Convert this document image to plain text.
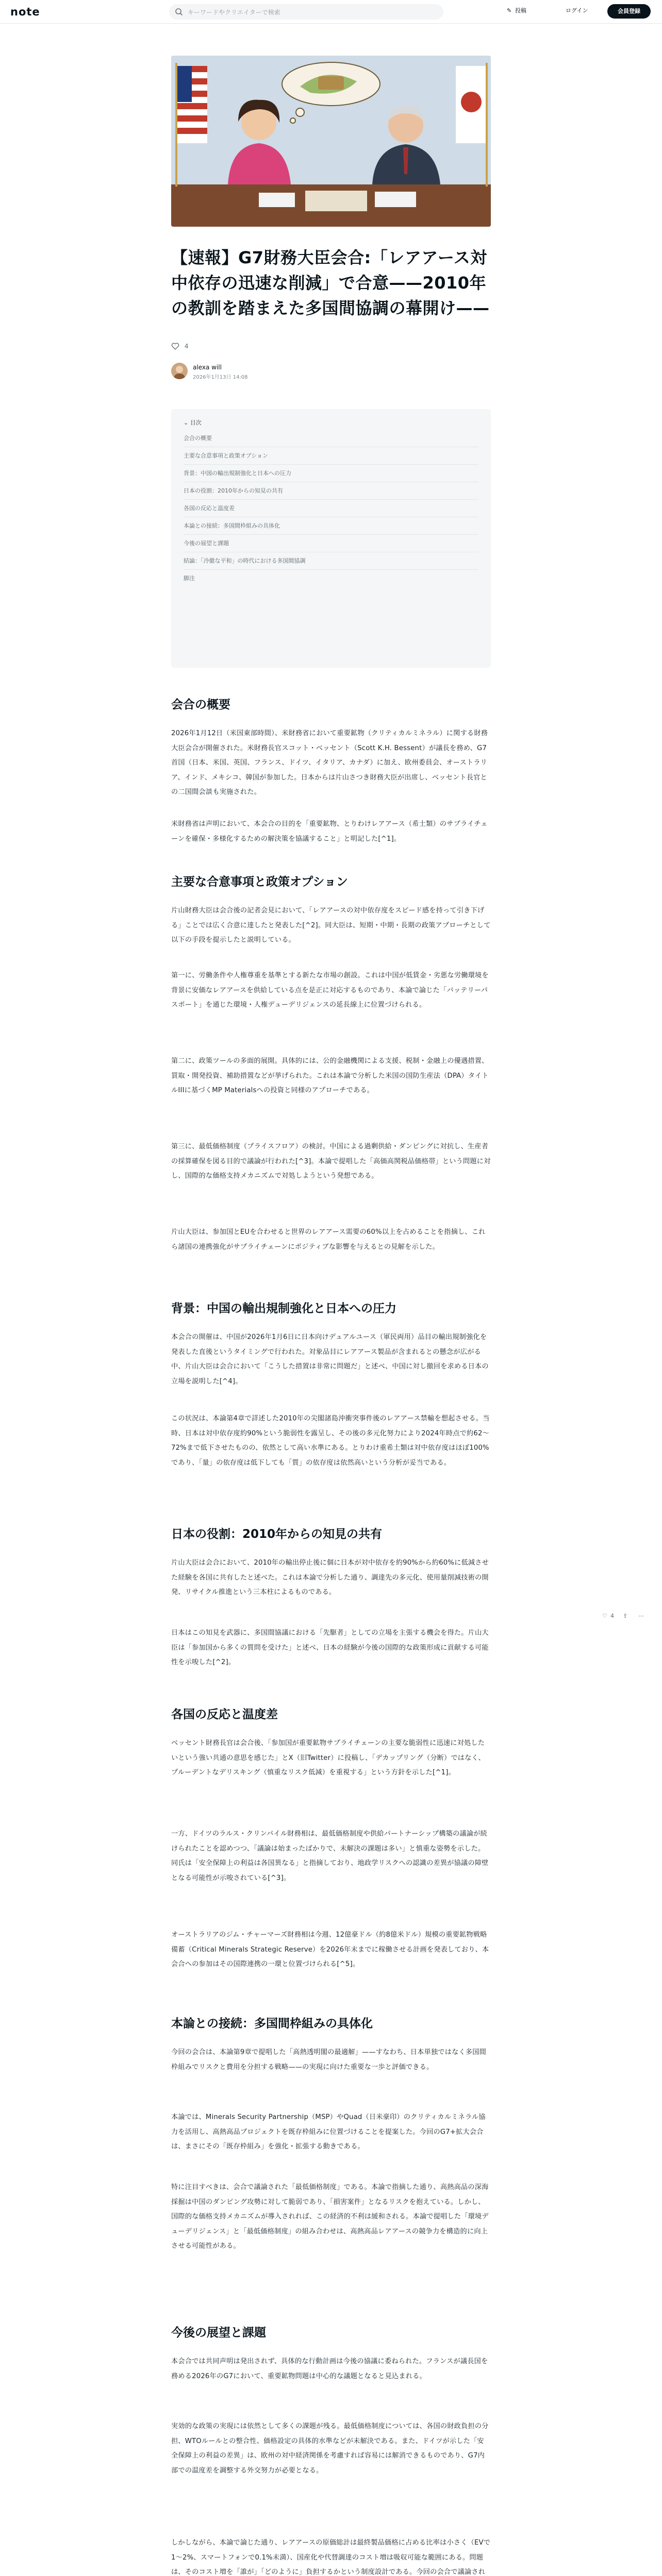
note	キーワードやクリエイターで検索	✎ 投稿	ログイン	会員登録
【速報】G7財務大臣会合:「レアアース対中依存の迅速な削減」で合意——2010年の教訓を踏まえた多国間協調の幕開け——
4
alexa will
2026年1月13日 14:08
⌄ 目次
会合の概要
主要な合意事項と政策オプション
背景：中国の輸出規制強化と日本への圧力
日本の役割：2010年からの知見の共有
各国の反応と温度差
本論との接続：多国間枠組みの具体化
今後の展望と課題
結論：「冷徹な平和」の時代における多国間協調
脚注
会合の概要

2026年1月12日（米国東部時間）、米財務省において重要鉱物（クリティカルミネラル）に関する財務大臣会合が開催された。米財務長官スコット・ベッセント（Scott K.H. Bessent）が議長を務め、G7首国（日本、米国、英国、フランス、ドイツ、イタリア、カナダ）に加え、欧州委員会、オーストラリア、インド、メキシコ、韓国が参加した。日本からは片山さつき財務大臣が出席し、ベッセント長官との二国間会談も実施された。

米財務省は声明において、本会合の目的を「重要鉱物、とりわけレアアース（希土類）のサプライチェーンを確保・多様化するための解決策を協議すること」と明記した[^1]。

主要な合意事項と政策オプション

片山財務大臣は会合後の記者会見において、「レアアースの対中依存度をスピード感を持って引き下げる」ことでは広く合意に達したと発表した[^2]。同大臣は、短期・中期・長期の政策アプローチとして以下の手段を提示したと説明している。

第一に、労働条件や人権尊重を基準とする新たな市場の創設。これは中国が低賃金・劣悪な労働環境を背景に安価なレアアースを供給している点を是正に対応するものであり、本論で論じた「バッテリーパスポート」を通じた環境・人権デューデリジェンスの延長線上に位置づけられる。

第二に、政策ツールの多面的展開。具体的には、公的金融機関による支援、税制・金融上の優遇措置、買取・開発投資、補助措置などが挙げられた。これは本論で分析した米国の国防生産法（DPA）タイトルIIIに基づくMP Materialsへの投資と同様のアプローチである。

第三に、最低価格制度（プライスフロア）の検討。中国による過剰供給・ダンピングに対抗し、生産者の採算確保を図る目的で議論が行われた[^3]。本論で提唱した「高価高関税品価格帯」という問題に対し、国際的な価格支持メカニズムで対処しようという発想である。

片山大臣は、参加国とEUを合わせると世界のレアアース需要の60%以上を占めることを指摘し、これら諸国の連携強化がサプライチェーンにポジティブな影響を与えるとの見解を示した。

背景：中国の輸出規制強化と日本への圧力

本会合の開催は、中国が2026年1月6日に日本向けデュアルユース（軍民両用）品目の輸出規制強化を発表した直後というタイミングで行われた。対象品目にレアアース製品が含まれるとの懸念が広がる中、片山大臣は会合において「こうした措置は非常に問題だ」と述べ、中国に対し撤回を求める日本の立場を説明した[^4]。

この状況は、本論第4章で詳述した2010年の尖閣諸島沖衝突事件後のレアアース禁輸を想起させる。当時、日本は対中依存度約90%という脆弱性を露呈し、その後の多元化努力により2024年時点で約62〜72%まで低下させたものの、依然として高い水準にある。とりわけ重希土類は対中依存度はほぼ100%であり、「量」の依存度は低下しても「質」の依存度は依然高いという分析が妥当である。

日本の役割：2010年からの知見の共有

片山大臣は会合において、2010年の輸出停止後に個に日本が対中依存を約90%から約60%に低減させた経験を各国に共有したと述べた。これは本論で分析した通り、調達先の多元化、使用量削減技術の開発、リサイクル推進という三本柱によるものである。

日本はこの知見を武器に、多国間協議における「先駆者」としての立場を主張する機会を得た。片山大臣は「参加国から多くの質問を受けた」と述べ、日本の経験が今後の国際的な政策形成に貢献する可能性を示唆した[^2]。

各国の反応と温度差

ベッセント財務長官は会合後、「参加国が重要鉱物サプライチェーンの主要な脆弱性に迅速に対処したいという強い共通の意思を感じた」とX（旧Twitter）に投稿し、「デカップリング（分断）ではなく、プルーデントなデリスキング（慎重なリスク低減）を重視する」という方針を示した[^1]。

一方、ドイツのラルス・クリンバイル財務相は、最低価格制度や供給パートナーシップ構築の議論が続けられたことを認めつつ、「議論は始まったばかりで、未解決の課題は多い」と慎重な姿勢を示した。同氏は「安全保障上の利益は各国異なる」と指摘しており、地政学リスクへの認識の差異が協議の障壁となる可能性が示唆されている[^3]。

オーストラリアのジム・チャーマーズ財務相は今週、12億豪ドル（約8億米ドル）規模の重要鉱物戦略備蓄（Critical Minerals Strategic Reserve）を2026年末までに稼働させる計画を発表しており、本会合への参加はその国際連携の一環と位置づけられる[^5]。

本論との接続：多国間枠組みの具体化

今回の会合は、本論第9章で提唱した「高熱透明閣の最適解」——すなわち、日本単独ではなく多国間枠組みでリスクと費用を分担する戦略——の実現に向けた重要な一歩と評価できる。

本論では、Minerals Security Partnership（MSP）やQuad（日米豪印）のクリティカルミネラル協力を活用し、高熱高品プロジェクトを既存枠組みに位置づけることを提案した。今回のG7+拡大会合は、まさにその「既存枠組み」を強化・拡張する動きである。

特に注目すべきは、会合で議論された「最低価格制度」である。本論で指摘した通り、高熱高品の深海採掘は中国のダンピング攻勢に対して脆弱であり、「損害案件」となるリスクを抱えている。しかし、国際的な価格支持メカニズムが導入されれば、この経済的不利は緩和される。本論で提唱した「環境デューデリジェンス」と「最低価格制度」の組み合わせは、高熱高品レアアースの競争力を構造的に向上させる可能性がある。

今後の展望と課題

本会合では共同声明は発出されず、具体的な行動計画は今後の協議に委ねられた。フランスが議長国を務める2026年のG7において、重要鉱物問題は中心的な議題となると見込まれる。

実効的な政策の実現には依然として多くの課題が残る。最低価格制度については、各国の財政負担の分担、WTOルールとの整合性、価格設定の具体的水準などが未解決である。また、ドイツが示した「安全保障上の利益の差異」は、欧州の対中経済関係を考慮すれば容易には解消できるものであり、G7内部での温度差を調整する外交努力が必要となる。

しかしながら、本論で論じた通り、レアアースの原価総計は最終製品価格に占める比率は小さく（EVで1〜2%、スマートフォンで0.1%未満）、国産化や代替調達のコスト増は吸収可能な範囲にある。問題は、そのコスト増を「誰が」「どのように」負担するかという制度設計である。今回の会合で議論され

♡ 4 ⇪ ⋯
